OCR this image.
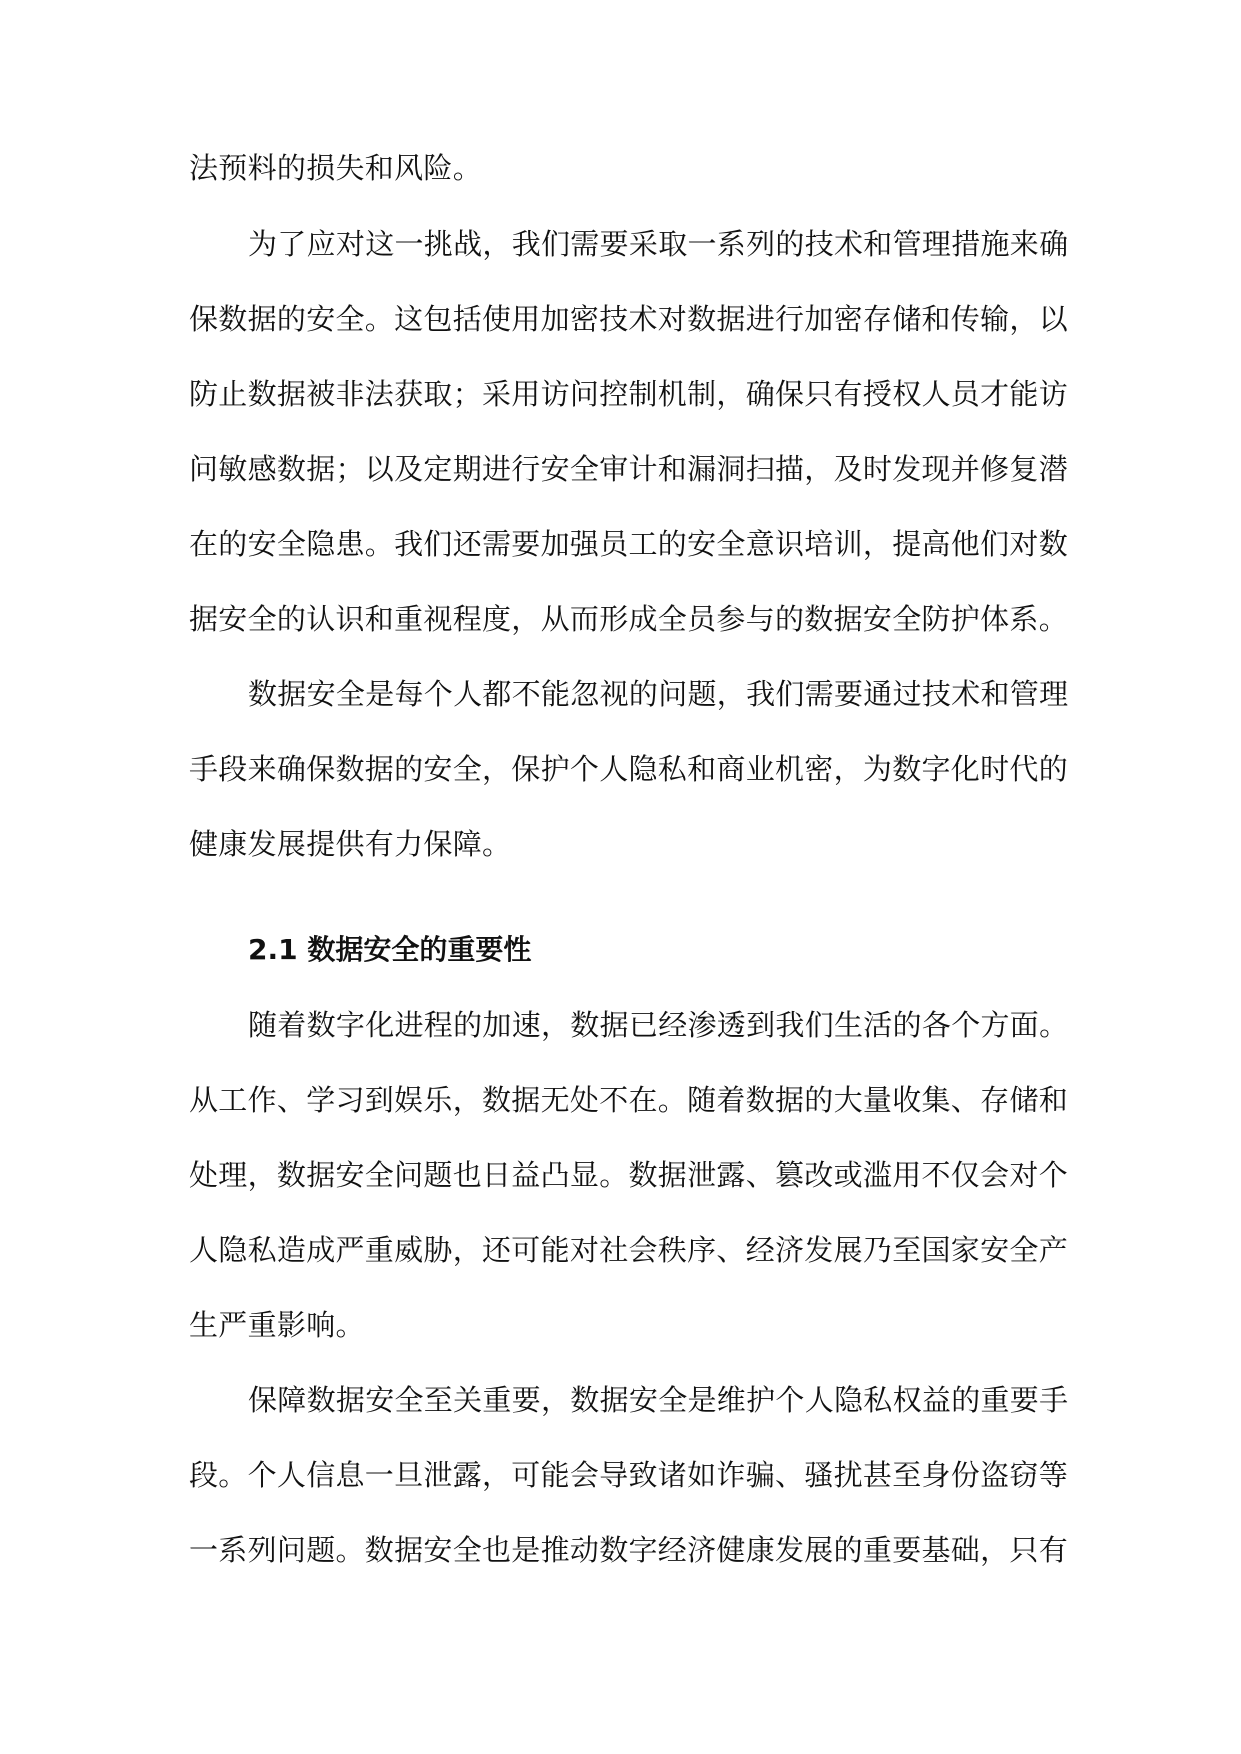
法预料的损失和风险。
为了应对这一挑战，我们需要采取一系列的技术和管理措施来确
保数据的安全。这包括使用加密技术对数据进行加密存储和传输，以
防止数据被非法获取；采用访问控制机制，确保只有授权人员才能访
问敏感数据；以及定期进行安全审计和漏洞扫描，及时发现并修复潜
在的安全隐患。我们还需要加强员工的安全意识培训，提高他们对数
据安全的认识和重视程度，从而形成全员参与的数据安全防护体系。
数据安全是每个人都不能忽视的问题，我们需要通过技术和管理
手段来确保数据的安全，保护个人隐私和商业机密，为数字化时代的
健康发展提供有力保障。
2.1 数据安全的重要性
随着数字化进程的加速，数据已经渗透到我们生活的各个方面。
从工作、学习到娱乐，数据无处不在。随着数据的大量收集、存储和
处理，数据安全问题也日益凸显。数据泄露、篡改或滥用不仅会对个
人隐私造成严重威胁，还可能对社会秩序、经济发展乃至国家安全产
生严重影响。
保障数据安全至关重要，数据安全是维护个人隐私权益的重要手
段。个人信息一旦泄露，可能会导致诸如诈骗、骚扰甚至身份盗窃等
一系列问题。数据安全也是推动数字经济健康发展的重要基础，只有
